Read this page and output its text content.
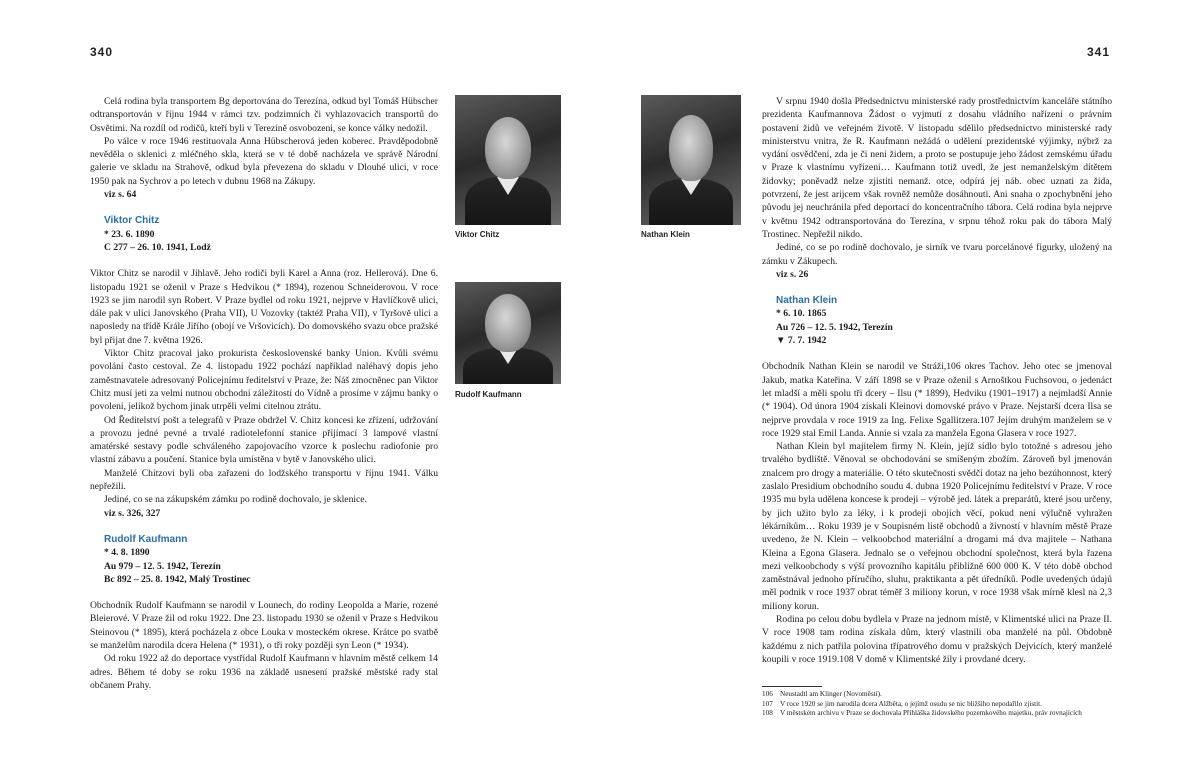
340	341

Celá rodina byla transportem Bg deportována do Terezína, odkud byl Tomáš Hübscher odtransportován v říjnu 1944 v rámci tzv. podzimních či vyhlazovacích transportů do Osvětimi. Na rozdíl od rodičů, kteří byli v Terezíně osvobozeni, se konce války nedožil.

Po válce v roce 1946 restituovala Anna Hübscherová jeden koberec. Pravděpodobně nevěděla o sklenici z mléčného skla, která se v té době nacházela ve správě Národní galerie ve skladu na Strahově, odkud byla převezena do skladu v Dlouhé ulici, v roce 1950 pak na Sychrov a po letech v dubnu 1968 na Zákupy.

viz s. 64

Viktor Chitz

* 23. 6. 1890

C 277 – 26. 10. 1941, Lodž

Viktor Chitz se narodil v Jihlavě. Jeho rodiči byli Karel a Anna (roz. Hellerová). Dne 6. listopadu 1921 se oženil v Praze s Hedvikou (* 1894), rozenou Schneiderovou. V roce 1923 se jim narodil syn Robert. V Praze bydlel od roku 1921, nejprve v Havlíčkově ulici, dále pak v ulici Janovského (Praha VII), U Vozovky (taktéž Praha VII), v Tyršově ulici a naposledy na třídě Krále Jiřího (obojí ve Vršovicích). Do domovského svazu obce pražské byl přijat dne 7. května 1926.

Viktor Chitz pracoval jako prokurista československé banky Union. Kvůli svému povolání často cestoval. Ze 4. listopadu 1922 pochází například naléhavý dopis jeho zaměstnavatele adresovaný Policejnímu ředitelství v Praze, že: Náš zmocněnec pan Viktor Chitz musí jeti za velmi nutnou obchodní záležitostí do Vídně a prosíme v zájmu banky o povolení, jelikož bychom jinak utrpěli velmi citelnou ztrátu.

Od Ředitelství pošt a telegrafů v Praze obdržel V. Chitz koncesi ke zřízení, udržování a provozu jedné pevné a trvalé radiotelefonní stanice přijímací 3 lampové vlastní amatérské sestavy podle schváleného zapojovacího vzorce k poslechu radiofonie pro vlastní zábavu a poučení. Stanice byla umístěna v bytě v Janovského ulici.

Manželé Chitzovi byli oba zařazeni do lodžského transportu v říjnu 1941. Válku nepřežili.

Jediné, co se na zákupském zámku po rodině dochovalo, je sklenice.

viz s. 326, 327

Rudolf Kaufmann

* 4. 8. 1890

Au 979 – 12. 5. 1942, Terezín

Bc 892 – 25. 8. 1942, Malý Trostinec

Obchodník Rudolf Kaufmann se narodil v Lounech, do rodiny Leopolda a Marie, rozené Bleierové. V Praze žil od roku 1922. Dne 23. listopadu 1930 se oženil v Praze s Hedvikou Steinovou (* 1895), která pocházela z obce Louka v mosteckém okrese. Krátce po svatbě se manželům narodila dcera Helena (* 1931), o tři roky později syn Leon (* 1934).

Od roku 1922 až do deportace vystřídal Rudolf Kaufmann v hlavním městě celkem 14 adres. Během té doby se roku 1936 na základě usnesení pražské městské rady stal občanem Prahy.

Viktor Chitz	Nathan Klein
Rudolf Kaufmann

V srpnu 1940 došla Předsednictvu ministerské rady prostřednictvím kanceláře státního prezidenta Kaufmannova Žádost o vyjmutí z dosahu vládního nařízení o právním postavení židů ve veřejném životě. V listopadu sdělilo předsednictvo ministerské rady ministerstvu vnitra, že R. Kaufmann nežádá o udělení prezidentské výjimky, nýbrž za vydání osvědčení, zda je či není židem, a proto se postupuje jeho žádost zemskému úřadu v Praze k vlastnímu vyřízení… Kaufmann totiž uvedl, že jest nemanželským dítětem židovky; poněvadž nelze zjistiti nemanž. otce, odpírá jej náb. obec uznati za žida, potvrzení, že jest arijcem však rovněž nemůže dosáhnouti. Ani snaha o zpochybnění jeho původu jej neuchránila před deportací do koncentračního tábora. Celá rodina byla nejprve v květnu 1942 odtransportována do Terezína, v srpnu téhož roku pak do tábora Malý Trostinec. Nepřežil nikdo.

Jediné, co se po rodině dochovalo, je sirník ve tvaru porcelánové figurky, uložený na zámku v Zákupech.

viz s. 26

Nathan Klein

* 6. 10. 1865

Au 726 – 12. 5. 1942, Terezín

▼ 7. 7. 1942

Obchodník Nathan Klein se narodil ve Stráži,106 okres Tachov. Jeho otec se jmenoval Jakub, matka Kateřina. V září 1898 se v Praze oženil s Arnoštkou Fuchsovou, o jedenáct let mladší a měli spolu tři dcery – Ilsu (* 1899), Hedviku (1901–1917) a nejmladší Annie (* 1904). Od února 1904 získali Kleinovi domovské právo v Praze. Nejstarší dcera Ilsa se nejprve provdala v roce 1919 za Ing. Felixe Sgallitzera.107 Jejím druhým manželem se v roce 1929 stal Emil Landa. Annie si vzala za manžela Egona Glasera v roce 1927.

Nathan Klein byl majitelem firmy N. Klein, jejíž sídlo bylo totožné s adresou jeho trvalého bydliště. Věnoval se obchodování se smíšeným zbožím. Zároveň byl jmenován znalcem pro drogy a materiálie. O této skutečnosti svědčí dotaz na jeho bezúhonnost, který zaslalo Presidium obchodního soudu 4. dubna 1920 Policejnímu ředitelství v Praze. V roce 1935 mu byla udělena koncese k prodeji – výrobě jed. látek a preparátů, které jsou určeny, by jich užito bylo za léky, i k prodeji obojích věcí, pokud není výlučně vyhražen lékárníkům… Roku 1939 je v Soupisném listě obchodů a živností v hlavním městě Praze uvedeno, že N. Klein – velkoobchod materiální a drogami má dva majitele – Nathana Kleina a Egona Glasera. Jednalo se o veřejnou obchodní společnost, která byla řazena mezi velkoobchody s výší provozního kapitálu přibližně 600 000 K. V této době obchod zaměstnával jednoho příručího, sluhu, praktikanta a pět úředníků. Podle uvedených údajů měl podnik v roce 1937 obrat téměř 3 miliony korun, v roce 1938 však mírně klesl na 2,3 miliony korun.

Rodina po celou dobu bydlela v Praze na jednom místě, v Klimentské ulici na Praze II. V roce 1908 tam rodina získala dům, který vlastnili oba manželé na půl. Obdobně každému z nich patřila polovina třípatrového domu v pražských Dejvicích, který manželé koupili v roce 1919.108 V domě v Klimentské žily i provdané dcery.

106 Neustadtl am Klinger (Novoměstí).

107 V roce 1920 se jim narodila dcera Alžběta, o jejímž osudu se nic bližšího nepodařilo zjistit.

108 V městském archivu v Praze se dochovala Přihláška židovského pozemkového majetku, práv rovnajících
